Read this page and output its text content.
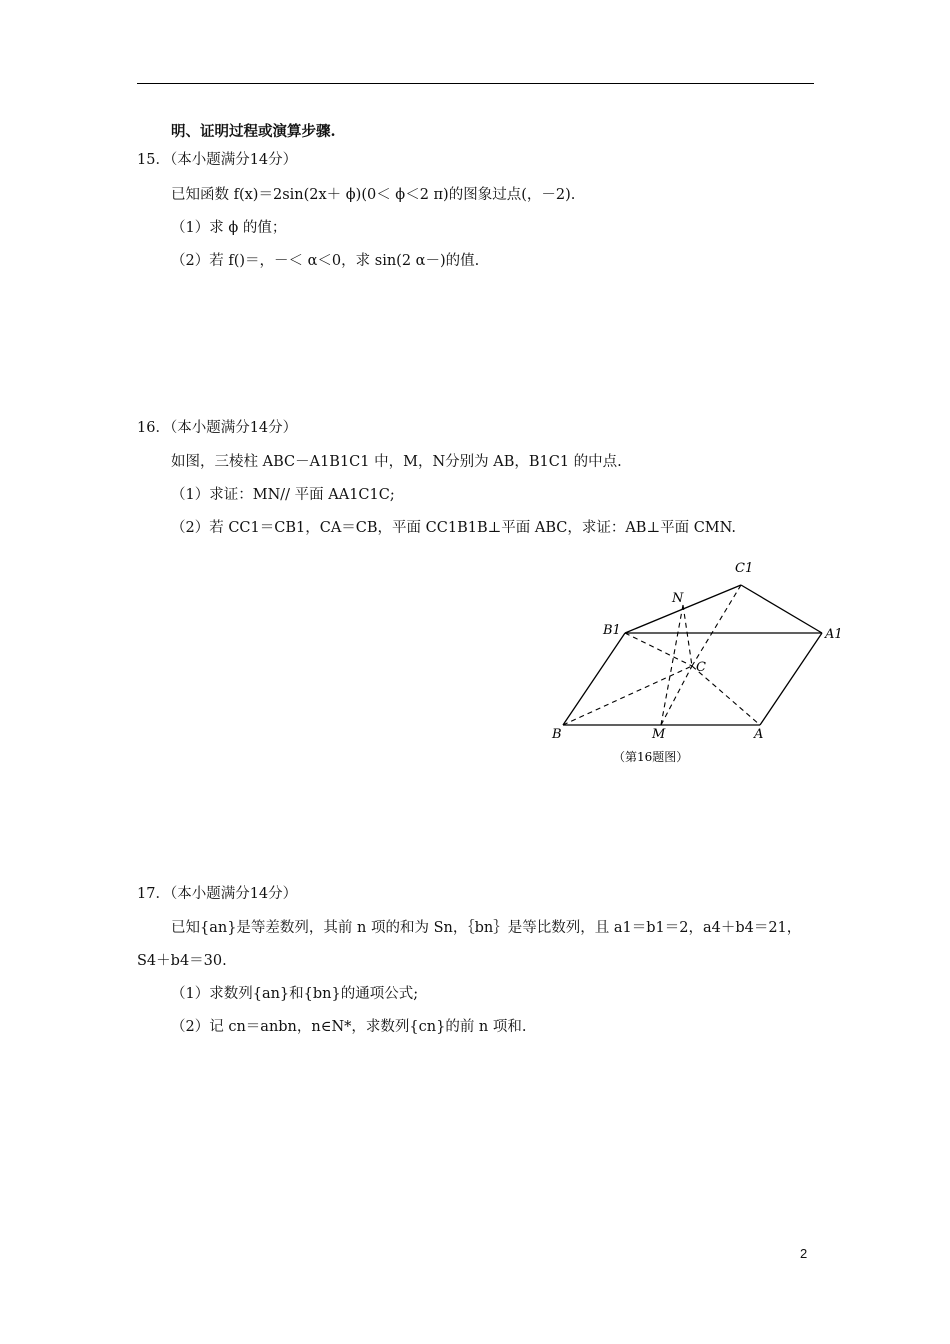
明、证明过程或演算步骤.
15．（本小题满分14分）
已知函数 f(x)＝2sin(2x＋ ϕ)(0＜ ϕ＜2 π)的图象过点(，－2).
（1）求 ϕ 的值；
（2）若 f()＝，－＜ α＜0，求 sin(2 α－)的值.
16．（本小题满分14分）
如图，三棱柱 ABC－A1B1C1 中，M，N分别为 AB，B1C1 的中点.
（1）求证：MN// 平面 AA1C1C;
（2）若 CC1＝CB1，CA＝CB，平面 CC1B1B⊥平面 ABC，求证：AB⊥平面 CMN.
C1
N
B1	A1
C
B	M	A
（第16题图）
17．（本小题满分14分）
已知{an}是等差数列，其前 n 项的和为 Sn，｛bn｝是等比数列，且 a1＝b1＝2，a4＋b4＝21，
S4＋b4＝30.
（1）求数列{an}和{bn}的通项公式;
（2）记 cn＝anbn，n∈N*，求数列{cn}的前 n 项和.
2
